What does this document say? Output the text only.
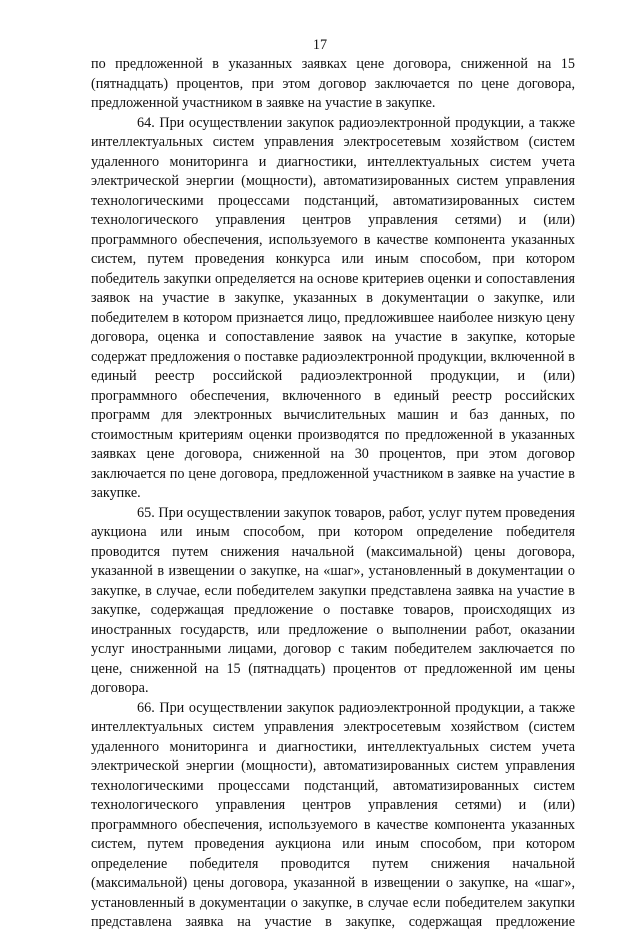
17

по предложенной в указанных заявках цене договора, сниженной на 15 (пятнадцать) процентов, при этом договор заключается по цене договора, предложенной участником в заявке на участие в закупке.

64. При осуществлении закупок радиоэлектронной продукции, а также интеллектуальных систем управления электросетевым хозяйством (систем удаленного мониторинга и диагностики, интеллектуальных систем учета электрической энергии (мощности), автоматизированных систем управления технологическими процессами подстанций, автоматизированных систем технологического управления центров управления сетями) и (или) программного обеспечения, используемого в качестве компонента указанных систем, путем проведения конкурса или иным способом, при котором победитель закупки определяется на основе критериев оценки и сопоставления заявок на участие в закупке, указанных в документации о закупке, или победителем в котором признается лицо, предложившее наиболее низкую цену договора, оценка и сопоставление заявок на участие в закупке, которые содержат предложения о поставке радиоэлектронной продукции, включенной в единый реестр российской радиоэлектронной продукции, и (или) программного обеспечения, включенного в единый реестр российских программ для электронных вычислительных машин и баз данных, по стоимостным критериям оценки производятся по предложенной в указанных заявках цене договора, сниженной на 30 процентов, при этом договор заключается по цене договора, предложенной участником в заявке на участие в закупке.

65. При осуществлении закупок товаров, работ, услуг путем проведения аукциона или иным способом, при котором определение победителя проводится путем снижения начальной (максимальной) цены договора, указанной в извещении о закупке, на «шаг», установленный в документации о закупке, в случае, если победителем закупки представлена заявка на участие в закупке, содержащая предложение о поставке товаров, происходящих из иностранных государств, или предложение о выполнении работ, оказании услуг иностранными лицами, договор с таким победителем заключается по цене, сниженной на 15 (пятнадцать) процентов от предложенной им цены договора.

66. При осуществлении закупок радиоэлектронной продукции, а также интеллектуальных систем управления электросетевым хозяйством (систем удаленного мониторинга и диагностики, интеллектуальных систем учета электрической энергии (мощности), автоматизированных систем управления технологическими процессами подстанций, автоматизированных систем технологического управления центров управления сетями) и (или) программного обеспечения, используемого в качестве компонента указанных систем, путем проведения аукциона или иным способом, при котором определение победителя проводится путем снижения начальной (максимальной) цены договора, указанной в извещении о закупке, на «шаг», установленный в документации о закупке, в случае если победителем закупки представлена заявка на участие в закупке, содержащая предложение
